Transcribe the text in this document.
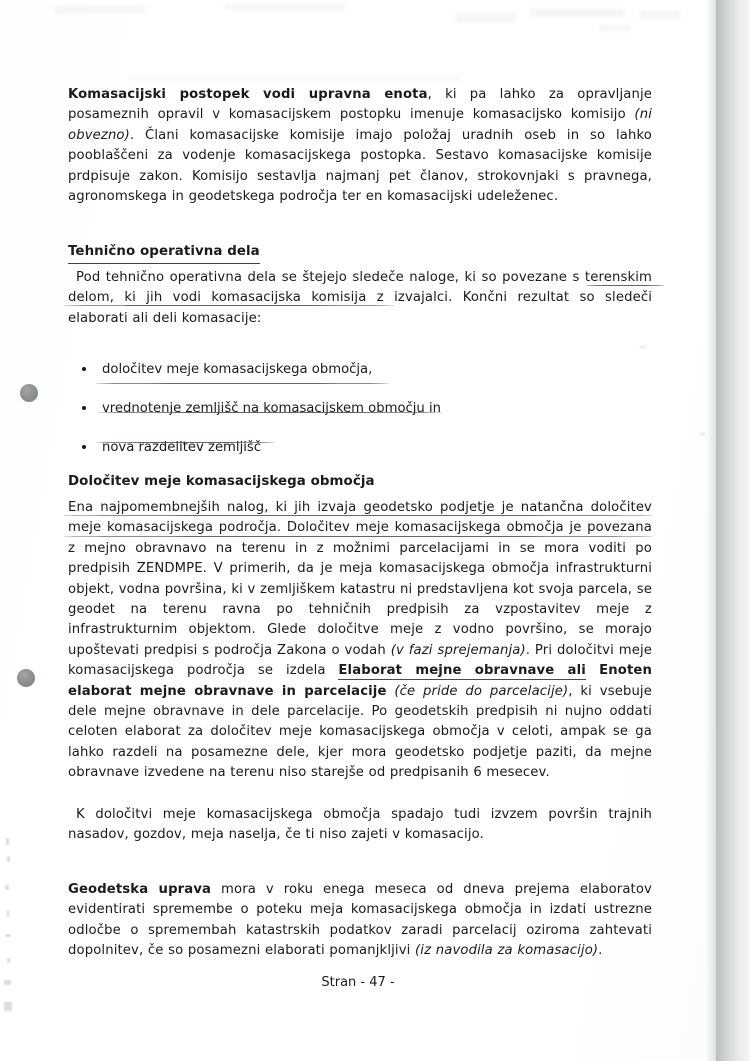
Komasacijski postopek vodi upravna enota, ki pa lahko za opravljanje posameznih opravil v komasacijskem postopku imenuje komasacijsko komisijo (ni obvezno). Člani komasacijske komisije imajo položaj uradnih oseb in so lahko pooblaščeni za vodenje komasacijskega postopka. Sestavo komasacijske komisije prdpisuje zakon. Komisijo sestavlja najmanj pet članov, strokovnjaki s pravnega, agronomskega in geodetskega področja ter en komasacijski udeleženec.

Tehnično operativna dela

Pod tehnično operativna dela se štejejo sledeče naloge, ki so povezane s terenskim delom, ki jih vodi komasacijska komisija z izvajalci. Končni rezultat so sledeči elaborati ali deli komasacije:

določitev meje komasacijskega območja,
vrednotenje zemljišč na komasacijskem območju in
nova razdelitev zemljišč
Določitev meje komasacijskega območja

Ena najpomembnejših nalog, ki jih izvaja geodetsko podjetje je natančna določitev meje komasacijskega področja. Določitev meje komasacijskega območja je povezana z mejno obravnavo na terenu in z možnimi parcelacijami in se mora voditi po predpisih ZENDMPE. V primerih, da je meja komasacijskega območja infrastrukturni objekt, vodna površina, ki v zemljiškem katastru ni predstavljena kot svoja parcela, se geodet na terenu ravna po tehničnih predpisih za vzpostavitev meje z infrastrukturnim objektom. Glede določitve meje z vodno površino, se morajo upoštevati predpisi s področja Zakona o vodah (v fazi sprejemanja). Pri določitvi meje komasacijskega področja se izdela Elaborat mejne obravnave ali Enoten elaborat mejne obravnave in parcelacije (če pride do parcelacije), ki vsebuje dele mejne obravnave in dele parcelacije. Po geodetskih predpisih ni nujno oddati celoten elaborat za določitev meje komasacijskega območja v celoti, ampak se ga lahko razdeli na posamezne dele, kjer mora geodetsko podjetje paziti, da mejne obravnave izvedene na terenu niso starejše od predpisanih 6 mesecev.

K določitvi meje komasacijskega območja spadajo tudi izvzem površin trajnih nasadov, gozdov, meja naselja, če ti niso zajeti v komasacijo.

Geodetska uprava mora v roku enega meseca od dneva prejema elaboratov evidentirati spremembe o poteku meja komasacijskega območja in izdati ustrezne odločbe o spremembah katastrskih podatkov zaradi parcelacij oziroma zahtevati dopolnitev, če so posamezni elaborati pomanjkljivi (iz navodila za komasacijo).

Stran - 47 -
